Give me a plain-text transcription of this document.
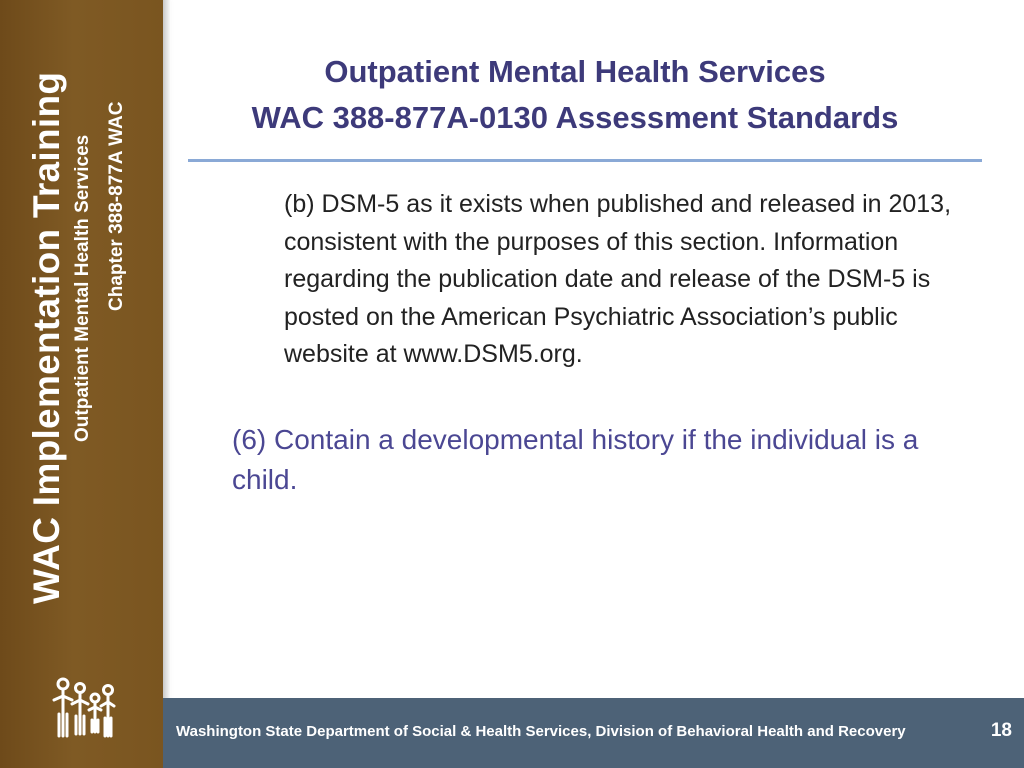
WAC Implementation Training Outpatient Mental Health Services Chapter 388-877A WAC
Outpatient Mental Health Services
WAC 388-877A-0130 Assessment Standards
(b) DSM-5 as it exists when published and released in 2013, consistent with the purposes of this section. Information regarding the publication date and release of the DSM-5 is posted on the American Psychiatric Association’s public website at www.DSM5.org.
(6) Contain a developmental history if the individual is a child.
Washington State Department of Social & Health Services, Division of Behavioral Health and Recovery	18
